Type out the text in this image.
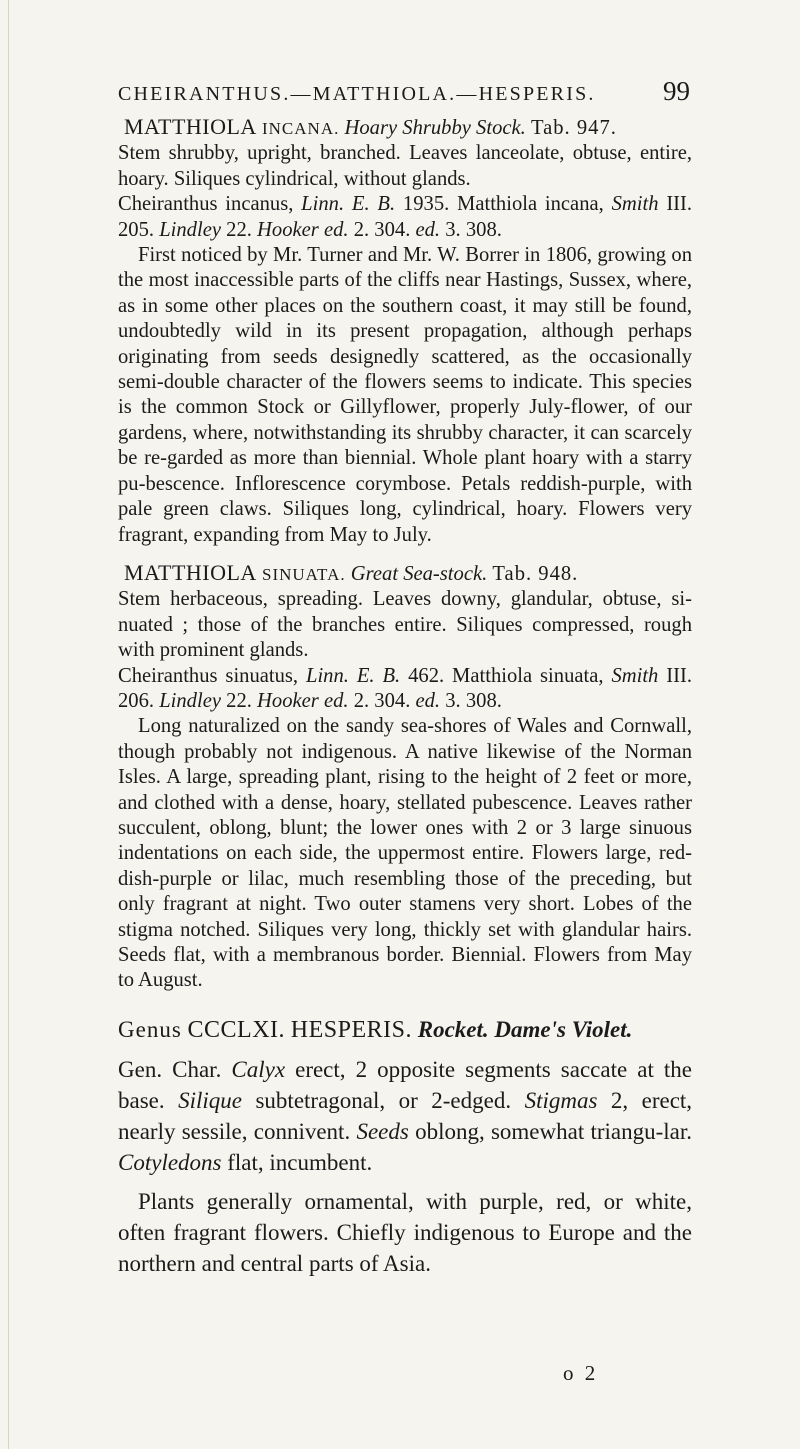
CHEIRANTHUS.—MATTHIOLA.—HESPERIS. 99
MATTHIOLA INCANA. Hoary Shrubby Stock. Tab. 947.

Stem shrubby, upright, branched. Leaves lanceolate, obtuse, entire, hoary. Siliques cylindrical, without glands.

Cheiranthus incanus, Linn. E. B. 1935. Matthiola incana, Smith III. 205. Lindley 22. Hooker ed. 2. 304. ed. 3. 308.

First noticed by Mr. Turner and Mr. W. Borrer in 1806, growing on the most inaccessible parts of the cliffs near Hastings, Sussex, where, as in some other places on the southern coast, it may still be found, undoubtedly wild in its present propagation, although perhaps originating from seeds designedly scattered, as the occasionally semi-double character of the flowers seems to indicate. This species is the common Stock or Gillyflower, properly July-flower, of our gardens, where, notwithstanding its shrubby character, it can scarcely be re-garded as more than biennial. Whole plant hoary with a starry pu-bescence. Inflorescence corymbose. Petals reddish-purple, with pale green claws. Siliques long, cylindrical, hoary. Flowers very fragrant, expanding from May to July.

MATTHIOLA SINUATA. Great Sea-stock. Tab. 948.

Stem herbaceous, spreading. Leaves downy, glandular, obtuse, si-nuated ; those of the branches entire. Siliques compressed, rough with prominent glands.

Cheiranthus sinuatus, Linn. E. B. 462. Matthiola sinuata, Smith III. 206. Lindley 22. Hooker ed. 2. 304. ed. 3. 308.

Long naturalized on the sandy sea-shores of Wales and Cornwall, though probably not indigenous. A native likewise of the Norman Isles. A large, spreading plant, rising to the height of 2 feet or more, and clothed with a dense, hoary, stellated pubescence. Leaves rather succulent, oblong, blunt; the lower ones with 2 or 3 large sinuous indentations on each side, the uppermost entire. Flowers large, red-dish-purple or lilac, much resembling those of the preceding, but only fragrant at night. Two outer stamens very short. Lobes of the stigma notched. Siliques very long, thickly set with glandular hairs. Seeds flat, with a membranous border. Biennial. Flowers from May to August.

Genus CCCLXI. HESPERIS. Rocket. Dame's Violet.

Gen. Char. Calyx erect, 2 opposite segments saccate at the base. Silique subtetragonal, or 2-edged. Stigmas 2, erect, nearly sessile, connivent. Seeds oblong, somewhat triangu-lar. Cotyledons flat, incumbent.

Plants generally ornamental, with purple, red, or white, often fragrant flowers. Chiefly indigenous to Europe and the northern and central parts of Asia.

o 2
